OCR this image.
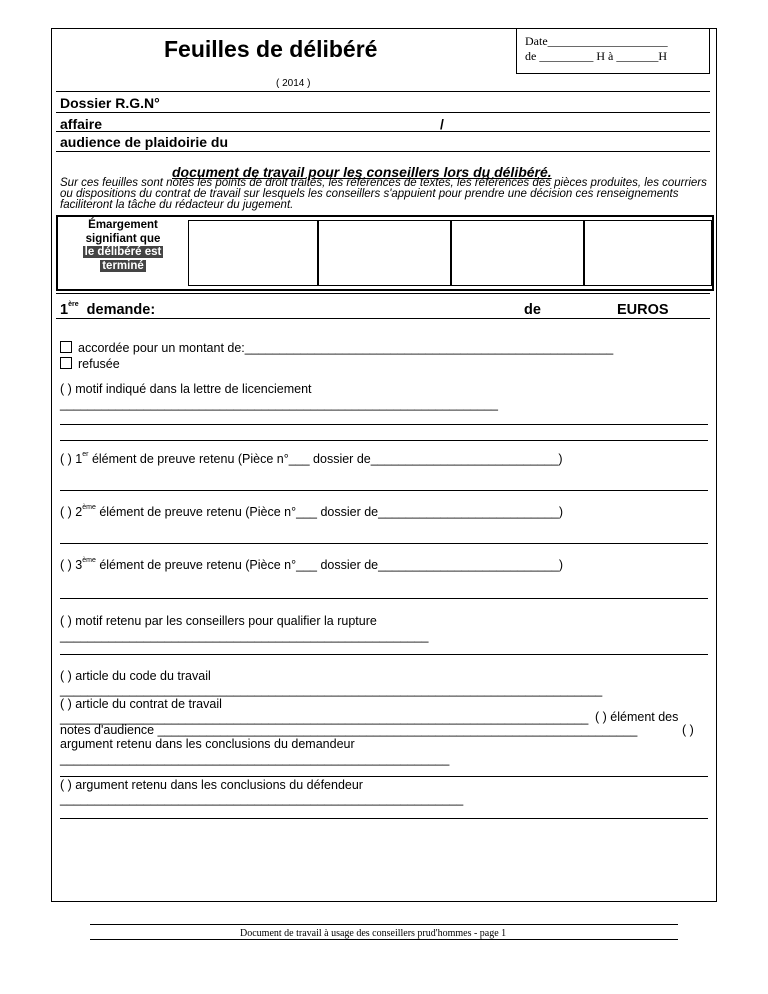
Feuilles de délibéré	Date____________________
de _________ H à _______H
( 2014 )
Dossier R.G.N°
affaire	/
audience de plaidoirie du
document de travail pour les conseillers lors du délibéré.
Sur ces feuilles sont notés les points de droit traités, les références de textes, les références des pièces produites, les courriers ou dispositions du contrat de travail sur lesquels les conseillers s'appuient pour prendre une décision ces renseignements faciliteront la tâche du rédacteur du jugement.
Émargement
signifiant que
le délibéré est
terminé
1ère demande:	de	EUROS
accordée pour un montant de:_____________________________________________________
refusée
( ) motif indiqué dans la lettre de licenciement
_______________________________________________________________
( ) 1er élément de preuve retenu (Pièce n°___ dossier de___________________________)
( ) 2ème élément de preuve retenu (Pièce n°___ dossier de__________________________)
( ) 3ème élément de preuve retenu (Pièce n°___ dossier de__________________________)
( ) motif retenu par les conseillers pour qualifier la rupture
_____________________________________________________
( ) article du code du travail
______________________________________________________________________________
( ) article du contrat de travail
____________________________________________________________________________ ( ) élément des
notes d'audience _____________________________________________________________________	( )
argument retenu dans les conclusions du demandeur
________________________________________________________
( ) argument retenu dans les conclusions du défendeur
__________________________________________________________
Document de travail à usage des conseillers prud'hommes - page 1
